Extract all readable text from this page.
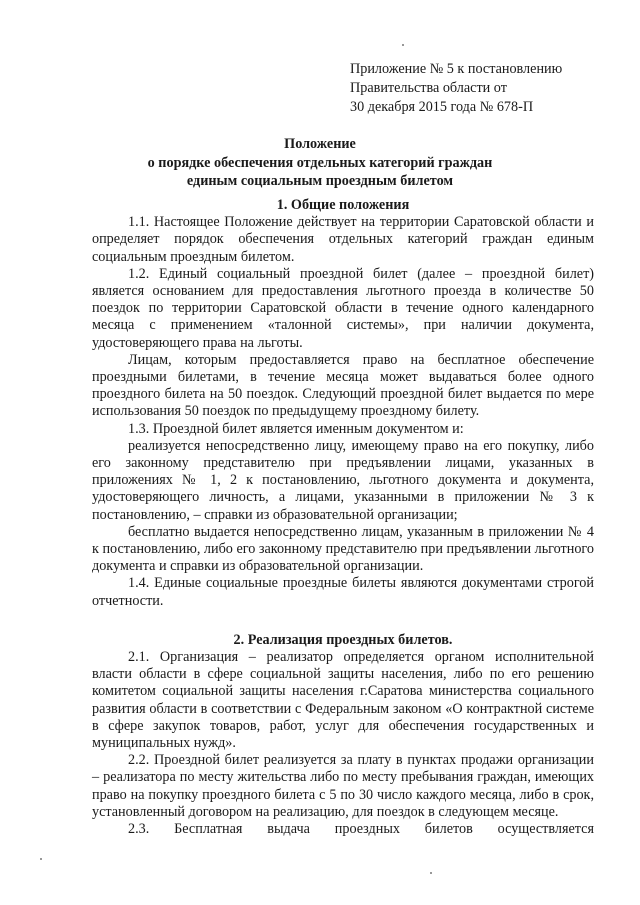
Приложение № 5 к постановлению
Правительства области от
30 декабря 2015 года № 678-П
Положение
о порядке обеспечения отдельных категорий граждан
единым социальным проездным билетом
1. Общие положения

1.1. Настоящее Положение действует на территории Саратовской области и определяет порядок обеспечения отдельных категорий граждан единым социальным проездным билетом.

1.2. Единый социальный проездной билет (далее – проездной билет) является основанием для предоставления льготного проезда в количестве 50 поездок по территории Саратовской области в течение одного календарного месяца с применением «талонной системы», при наличии документа, удостоверяющего права на льготы.

Лицам, которым предоставляется право на бесплатное обеспечение проездными билетами, в течение месяца может выдаваться более одного проездного билета на 50 поездок. Следующий проездной билет выдается по мере использования 50 поездок по предыдущему проездному билету.

1.3. Проездной билет является именным документом и:

реализуется непосредственно лицу, имеющему право на его покупку, либо его законному представителю при предъявлении лицами, указанных в приложениях № 1, 2 к постановлению, льготного документа и документа, удостоверяющего личность, а лицами, указанными в приложении № 3 к постановлению, – справки из образовательной организации;

бесплатно выдается непосредственно лицам, указанным в приложении № 4 к постановлению, либо его законному представителю при предъявлении льготного документа и справки из образовательной организации.

1.4. Единые социальные проездные билеты являются документами строгой отчетности.

2. Реализация проездных билетов.

2.1. Организация – реализатор определяется органом исполнительной власти области в сфере социальной защиты населения, либо по его решению комитетом социальной защиты населения г.Саратова министерства социального развития области в соответствии с Федеральным законом «О контрактной системе в сфере закупок товаров, работ, услуг для обеспечения государственных и муниципальных нужд».

2.2. Проездной билет реализуется за плату в пунктах продажи организации – реализатора по месту жительства либо по месту пребывания граждан, имеющих право на покупку проездного билета с 5 по 30 число каждого месяца, либо в срок, установленный договором на реализацию, для поездок в следующем месяце.

2.3. Бесплатная выдача проездных билетов осуществляется
